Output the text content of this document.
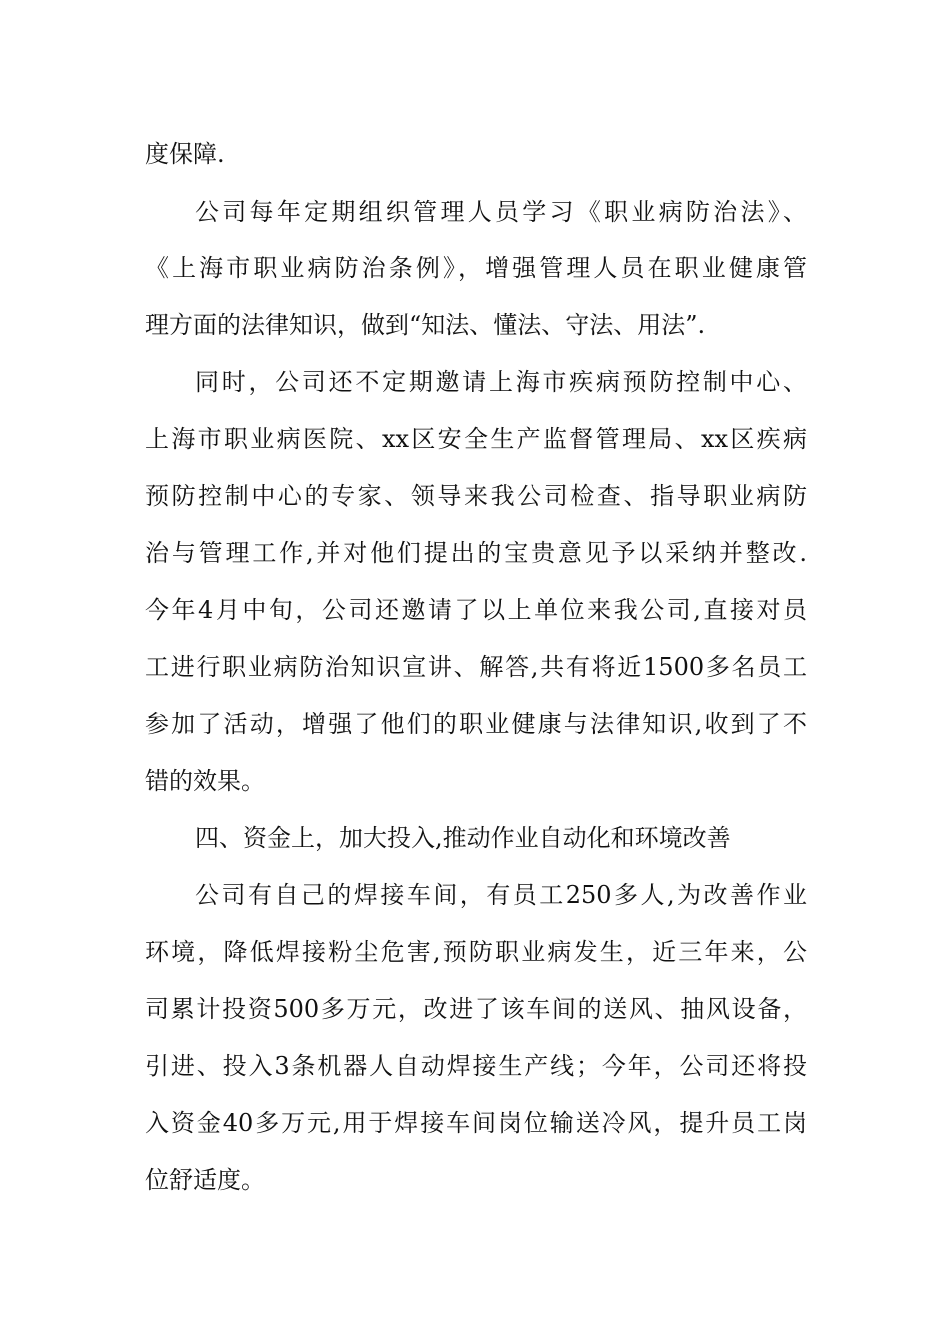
度保障.

公司每年定期组织管理人员学习《职业病防治法》、

《上海市职业病防治条例》，增强管理人员在职业健康管

理方面的法律知识，做到“知法、懂法、守法、用法”.

同时，公司还不定期邀请上海市疾病预防控制中心、

上海市职业病医院、xx区安全生产监督管理局、xx区疾病

预防控制中心的专家、领导来我公司检查、指导职业病防

治与管理工作,并对他们提出的宝贵意见予以采纳并整改.

今年4月中旬，公司还邀请了以上单位来我公司,直接对员

工进行职业病防治知识宣讲、解答,共有将近1500多名员工

参加了活动，增强了他们的职业健康与法律知识,收到了不

错的效果。

四、资金上，加大投入,推动作业自动化和环境改善

公司有自己的焊接车间，有员工250多人,为改善作业

环境，降低焊接粉尘危害,预防职业病发生，近三年来，公

司累计投资500多万元，改进了该车间的送风、抽风设备，

引进、投入3条机器人自动焊接生产线；今年，公司还将投

入资金40多万元,用于焊接车间岗位输送冷风，提升员工岗

位舒适度。
